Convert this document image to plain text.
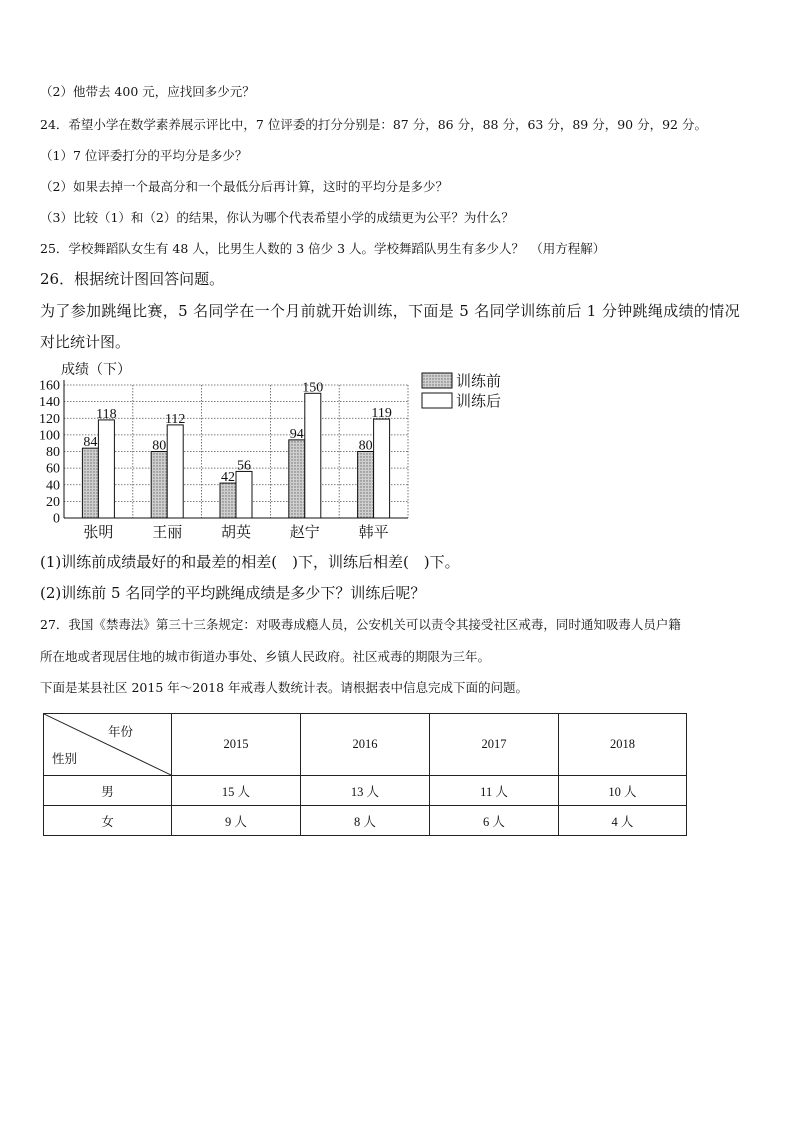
（2）他带去 400 元，应找回多少元？
24．希望小学在数学素养展示评比中，7 位评委的打分分别是：87 分，86 分，88 分，63 分，89 分，90 分，92 分。
（1）7 位评委打分的平均分是多少？
（2）如果去掉一个最高分和一个最低分后再计算，这时的平均分是多少？
（3）比较（1）和（2）的结果，你认为哪个代表希望小学的成绩更为公平？为什么？
25．学校舞蹈队女生有 48 人，比男生人数的 3 倍少 3 人。学校舞蹈队男生有多少人？　（用方程解）
26．根据统计图回答问题。
为了参加跳绳比赛，5 名同学在一个月前就开始训练，下面是 5 名同学训练前后 1 分钟跳绳成绩的情况
对比统计图。
成绩（下）
0
20
40
60
80
100
120
140
160
84
118
张明
80
112
王丽
42
56
胡英
94
150
赵宁
80
119
韩平
训练前
训练后
(1)训练前成绩最好的和最差的相差(　)下，训练后相差(　)下。
(2)训练前 5 名同学的平均跳绳成绩是多少下？训练后呢？
27．我国《禁毒法》第三十三条规定：对吸毒成瘾人员，公安机关可以责令其接受社区戒毒，同时通知吸毒人员户籍
所在地或者现居住地的城市街道办事处、乡镇人民政府。社区戒毒的期限为三年。
下面是某县社区 2015 年～2018 年戒毒人数统计表。请根据表中信息完成下面的问题。
年份
性别	2015	2016	2017	2018
男	15 人	13 人	11 人	10 人
女	9 人	8 人	6 人	4 人
